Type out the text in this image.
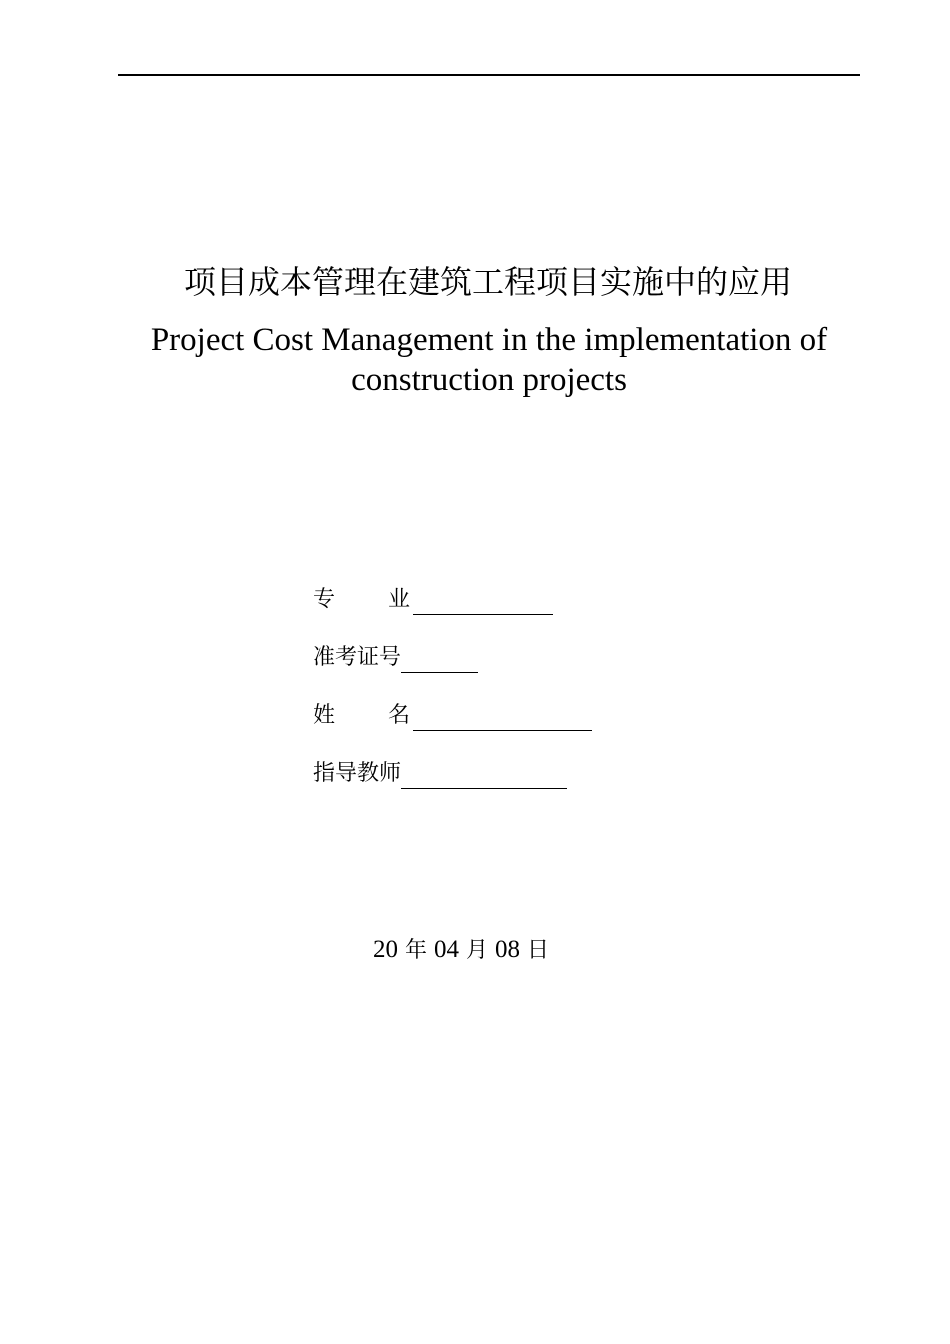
项目成本管理在建筑工程项目实施中的应用
Project Cost Management in the implementation of
construction projects
专 业
准考证号
姓 名
指导教师
20 年 04 月 08 日
